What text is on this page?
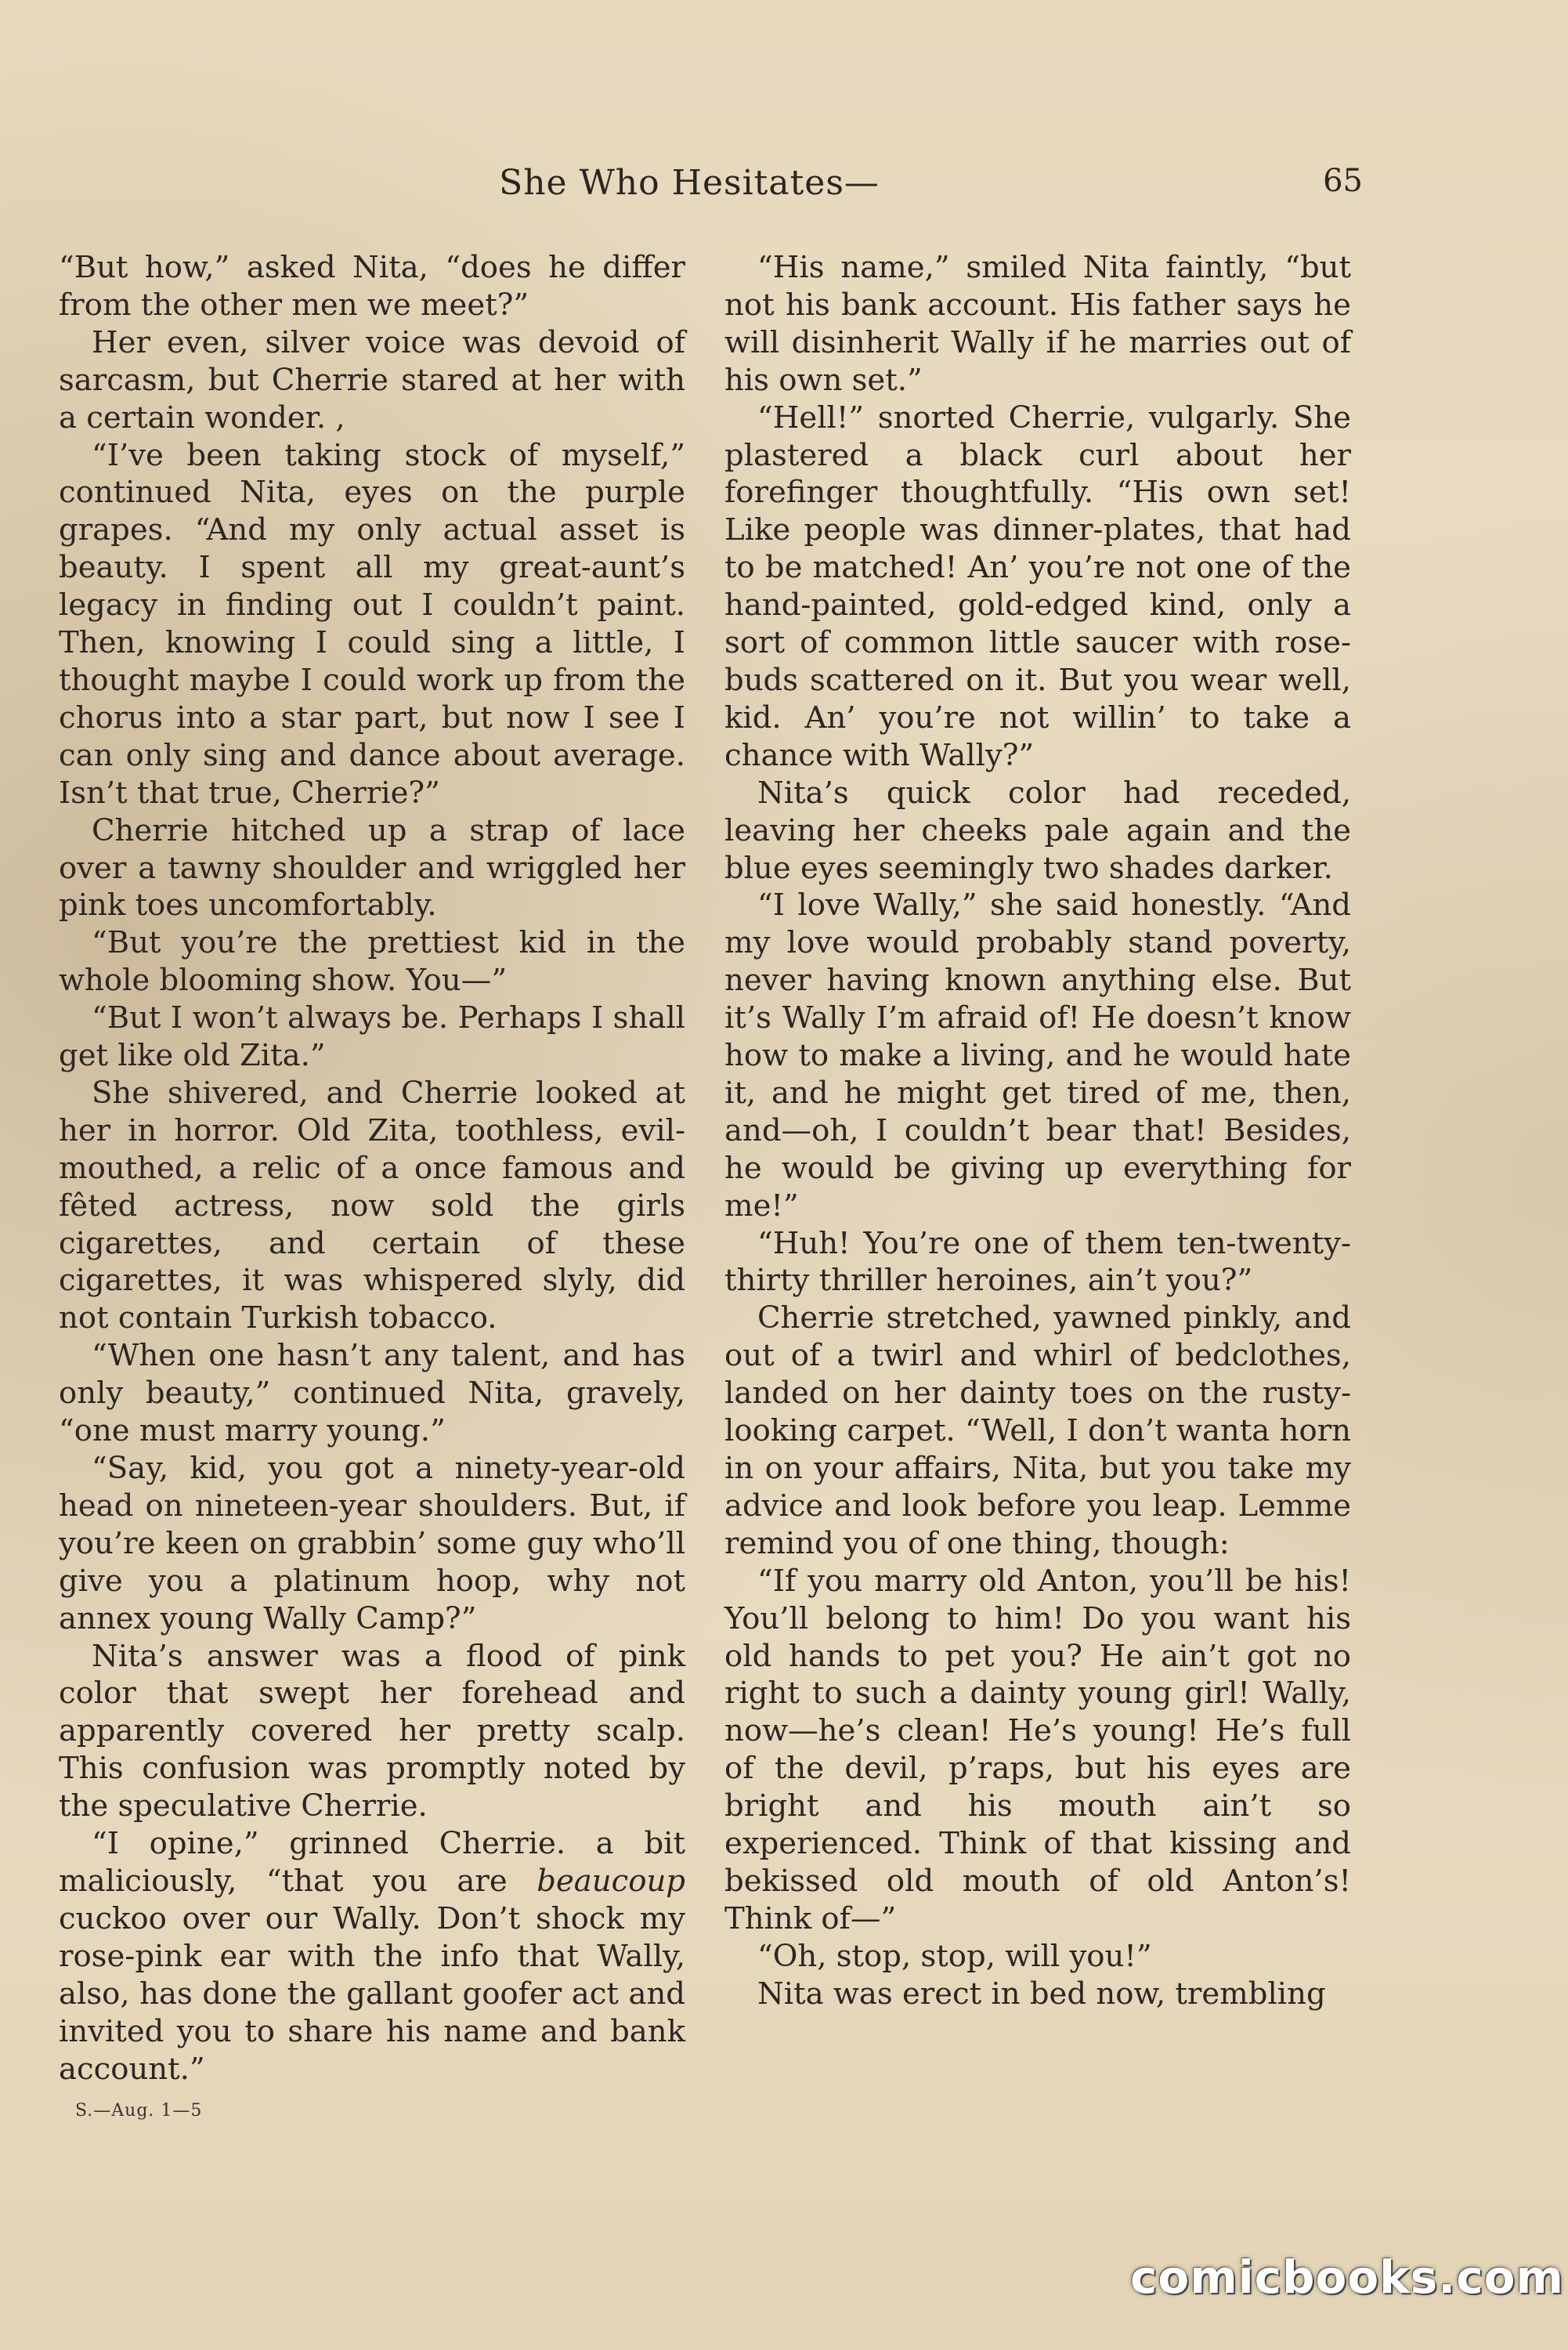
She Who Hesitates—	65

“But how,” asked Nita, “does he differ from the other men we meet?”

Her even, silver voice was devoid of sarcasm, but Cherrie stared at her with a certain wonder. ,

“I’ve been taking stock of myself,” continued Nita, eyes on the purple grapes. “And my only actual asset is beauty. I spent all my great-aunt’s legacy in finding out I couldn’t paint. Then, knowing I could sing a little, I thought maybe I could work up from the chorus into a star part, but now I see I can only sing and dance about average. Isn’t that true, Cherrie?”

Cherrie hitched up a strap of lace over a tawny shoulder and wriggled her pink toes uncomfortably.

“But you’re the prettiest kid in the whole blooming show. You—”

“But I won’t always be. Perhaps I shall get like old Zita.”

She shivered, and Cherrie looked at her in horror. Old Zita, toothless, evil-mouthed, a relic of a once famous and fêted actress, now sold the girls cigarettes, and certain of these cigarettes, it was whispered slyly, did not contain Turkish tobacco.

“When one hasn’t any talent, and has only beauty,” continued Nita, gravely, “one must marry young.”

“Say, kid, you got a ninety-year-old head on nineteen-year shoulders. But, if you’re keen on grabbin’ some guy who’ll give you a platinum hoop, why not annex young Wally Camp?”

Nita’s answer was a flood of pink color that swept her forehead and apparently covered her pretty scalp. This confusion was promptly noted by the speculative Cherrie.

“I opine,” grinned Cherrie. a bit maliciously, “that you are beaucoup cuckoo over our Wally. Don’t shock my rose-pink ear with the info that Wally, also, has done the gallant goofer act and invited you to share his name and bank account.”

“His name,” smiled Nita faintly, “but not his bank account. His father says he will disinherit Wally if he marries out of his own set.”

“Hell!” snorted Cherrie, vulgarly. She plastered a black curl about her forefinger thoughtfully. “His own set! Like people was dinner-plates, that had to be matched! An’ you’re not one of the hand-painted, gold-edged kind, only a sort of common little saucer with rose-buds scattered on it. But you wear well, kid. An’ you’re not willin’ to take a chance with Wally?”

Nita’s quick color had receded, leaving her cheeks pale again and the blue eyes seemingly two shades darker.

“I love Wally,” she said honestly. “And my love would probably stand poverty, never having known anything else. But it’s Wally I’m afraid of! He doesn’t know how to make a living, and he would hate it, and he might get tired of me, then, and—oh, I couldn’t bear that! Besides, he would be giving up everything for me!”

“Huh! You’re one of them ten-twenty-thirty thriller heroines, ain’t you?”

Cherrie stretched, yawned pinkly, and out of a twirl and whirl of bedclothes, landed on her dainty toes on the rusty-looking carpet. “Well, I don’t wanta horn in on your affairs, Nita, but you take my advice and look before you leap. Lemme remind you of one thing, though:

“If you marry old Anton, you’ll be his! You’ll belong to him! Do you want his old hands to pet you? He ain’t got no right to such a dainty young girl! Wally, now—he’s clean! He’s young! He’s full of the devil, p’raps, but his eyes are bright and his mouth ain’t so experienced. Think of that kissing and bekissed old mouth of old Anton’s! Think of—”

“Oh, stop, stop, will you!”

Nita was erect in bed now, trembling

S.—Aug. 1—5
comicbooks.com
